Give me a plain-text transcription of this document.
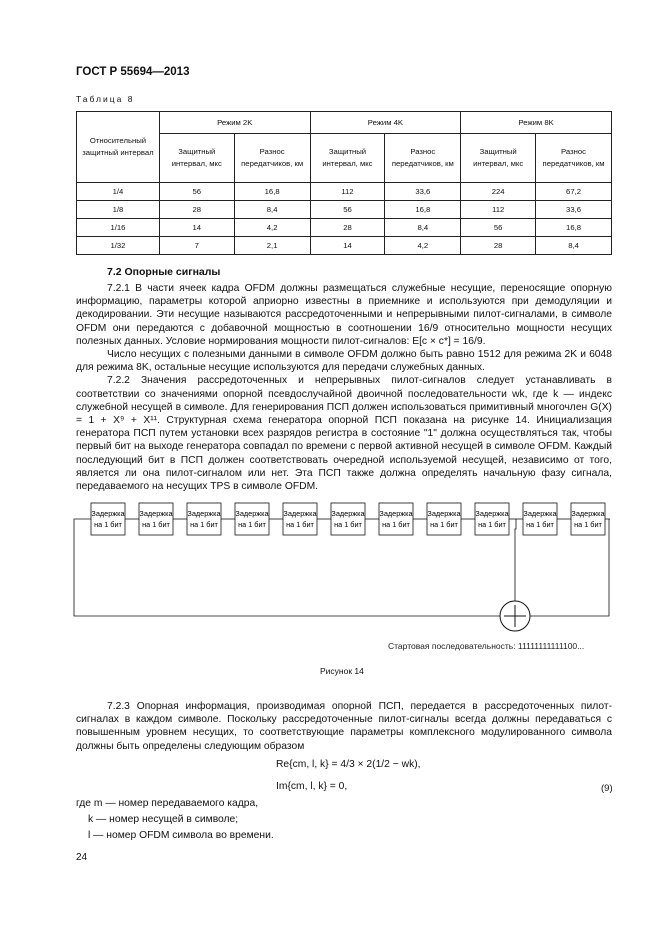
ГОСТ Р 55694—2013
Таблица 8
Относительный защитный интервал	Режим 2K		Режим 4K		Режим 8K	
	Защитный интервал, мкс	Разнос передатчиков, км	Защитный интервал, мкс	Разнос передатчиков, км	Защитный интервал, мкс	Разнос передатчиков, км
1/4	56	16,8	112	33,6	224	67,2
1/8	28	8,4	56	16,8	112	33,6
1/16	14	4,2	28	8,4	56	16,8
1/32	7	2,1	14	4,2	28	8,4
7.2 Опорные сигналы

7.2.1 В части ячеек кадра OFDM должны размещаться служебные несущие, переносящие опорную информацию, параметры которой априорно известны в приемнике и используются при демодуляции и декодировании. Эти несущие называются рассредоточенными и непрерывными пилот-сигналами, в символе OFDM они передаются с добавочной мощностью в соотношении 16/9 относительно мощности несущих полезных данных. Условие нормирования мощности пилот-сигналов: E[c × c*] = 16/9.

Число несущих с полезными данными в символе OFDM должно быть равно 1512 для режима 2K и 6048 для режима 8K, остальные несущие используются для передачи служебных данных.

7.2.2 Значения рассредоточенных и непрерывных пилот-сигналов следует устанавливать в соответствии со значениями опорной псевдослучайной двоичной последовательности wk, где k — индекс служебной несущей в символе. Для генерирования ПСП должен использоваться примитивный многочлен G(X) = 1 + X⁹ + X¹¹. Структурная схема генератора опорной ПСП показана на рисунке 14. Инициализация генератора ПСП путем установки всех разрядов регистра в состояние "1" должна осуществляться так, чтобы первый бит на выходе генератора совпадал по времени с первой активной несущей в символе OFDM. Каждый последующий бит в ПСП должен соответствовать очередной используемой несущей, независимо от того, является ли она пилот-сигналом или нет. Эта ПСП также должна определять начальную фазу сигнала, передаваемого на несущих TPS в символе OFDM.

Задержка
на 1 бит
Задержка
на 1 бит
Задержка
на 1 бит
Задержка
на 1 бит
Задержка
на 1 бит
Задержка
на 1 бит
Задержка
на 1 бит
Задержка
на 1 бит
Задержка
на 1 бит
Задержка
на 1 бит
Задержка
на 1 бит
Стартовая последовательность: 11111111111100...
Рисунок 14

7.2.3 Опорная информация, производимая опорной ПСП, передается в рассредоточенных пилот-сигналах в каждом символе. Поскольку рассредоточенные пилот-сигналы всегда должны передаваться с повышенным уровнем несущих, то соответствующие параметры комплексного модулированного символа должны быть определены следующим образом

Re{cm, l, k} = 4/3 × 2(1/2 − wk),
Im{cm, l, k} = 0,	(9)
где m — номер передаваемого кадра,
k — номер несущей в символе;
l — номер OFDM символа во времени.
24
